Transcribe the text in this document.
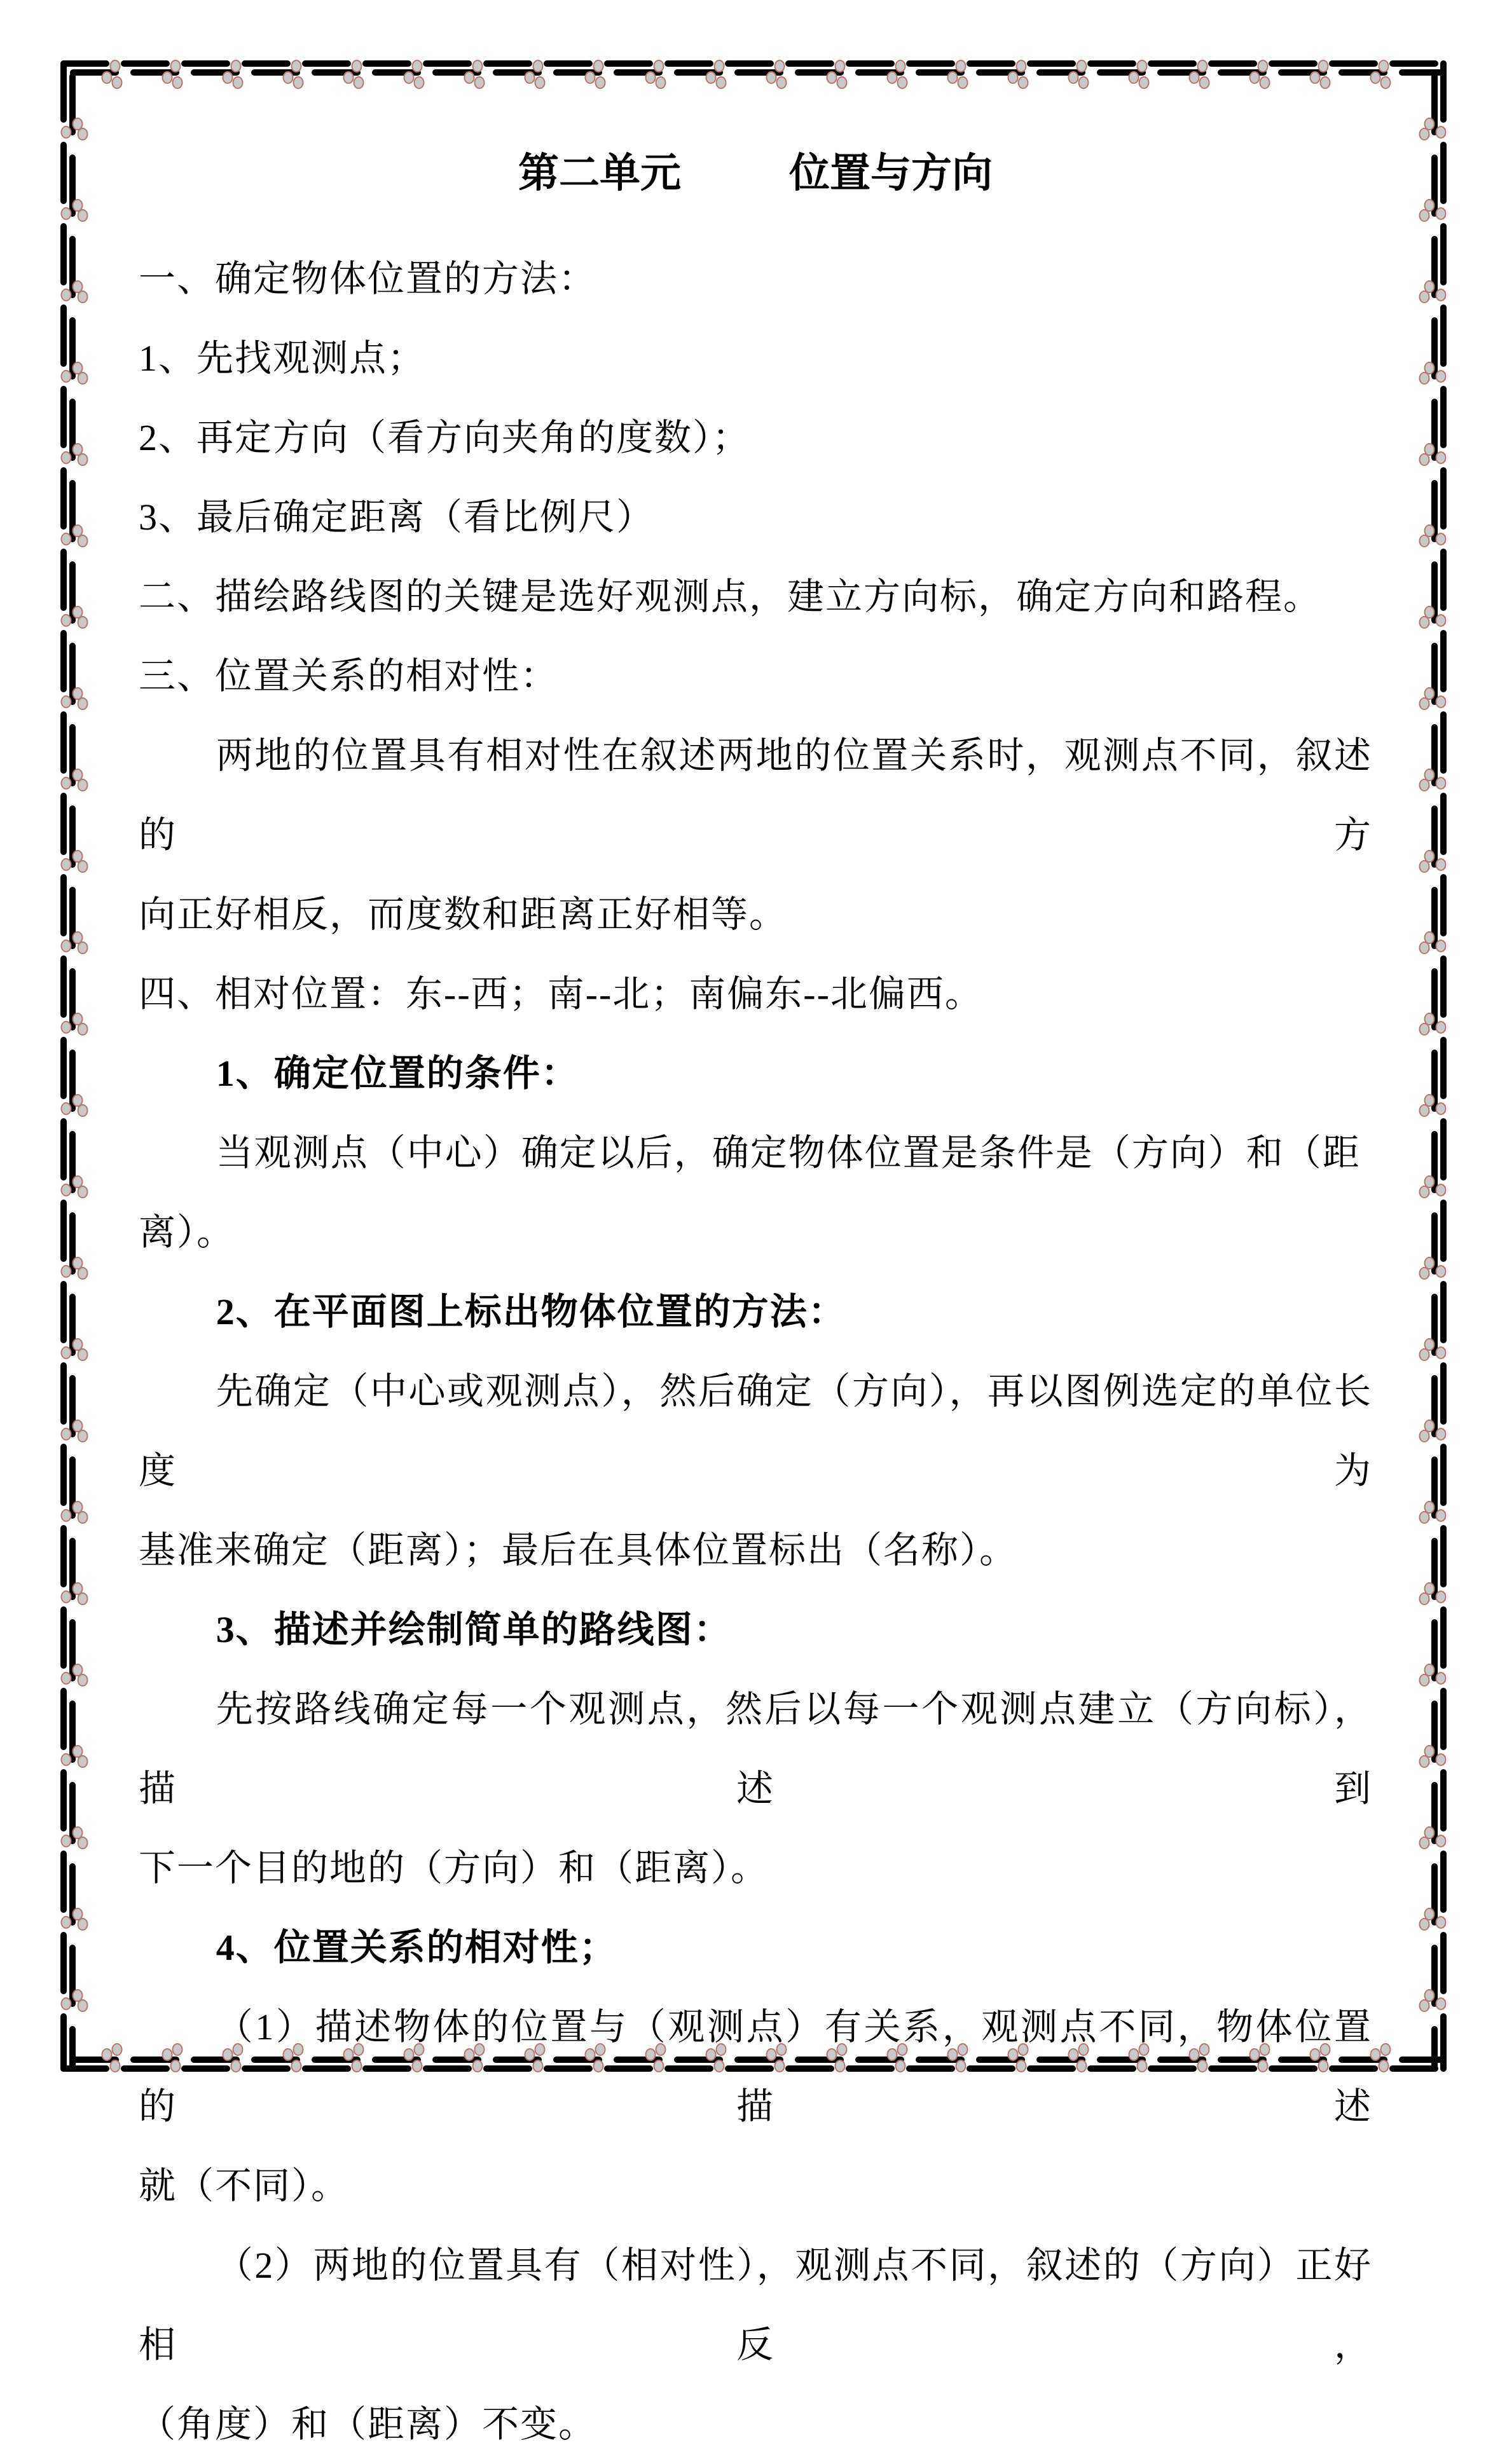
第二单元	位置与方向
一、确定物体位置的方法：
1、先找观测点；
2、再定方向（看方向夹角的度数）；
3、最后确定距离（看比例尺）
二、描绘路线图的关键是选好观测点，建立方向标，确定方向和路程。
三、位置关系的相对性：
两地的位置具有相对性在叙述两地的位置关系时，观测点不同，叙述的方
向正好相反，而度数和距离正好相等。
四、相对位置：东--西；南--北；南偏东--北偏西。
1、确定位置的条件：
当观测点（中心）确定以后，确定物体位置是条件是（方向）和（距离）。
2、在平面图上标出物体位置的方法：
先确定（中心或观测点），然后确定（方向），再以图例选定的单位长度为
基准来确定（距离）；最后在具体位置标出（名称）。
3、描述并绘制简单的路线图：
先按路线确定每一个观测点，然后以每一个观测点建立（方向标），描述到
下一个目的地的（方向）和（距离）。
4、位置关系的相对性；
（1）描述物体的位置与（观测点）有关系，观测点不同，物体位置的描述
就（不同）。
（2）两地的位置具有（相对性），观测点不同，叙述的（方向）正好相反，
（角度）和（距离）不变。
